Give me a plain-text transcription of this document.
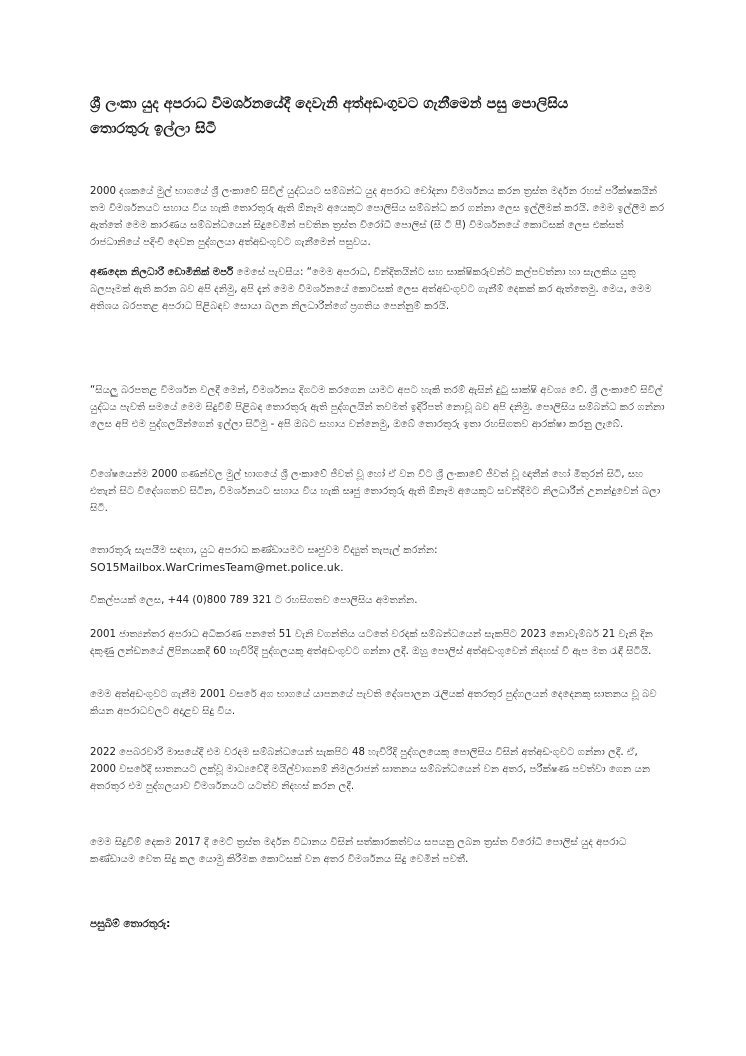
ශ්‍රී ලංකා යුද අපරාධ විමර්ශනයේදී දෙවැනි අත්අඩංගුවට ගැනීමෙන් පසු පොලිසිය
තොරතුරු ඉල්ලා සිටී

2000 දශකයේ මුල් භාගයේ ශ්‍රී ලංකාවේ සිවිල් යුද්ධයට සම්බන්ධ යුද අපරාධ චෝදනා විමර්ශනය කරන ත්‍රස්ත මර්දන රහස් පරීක්ෂකයින් තම විමර්ශනයට සහාය විය හැකි තොරතුරු ඇති ඕනෑම අයෙකුට පොලිසිය සම්බන්ධ කර ගන්නා ලෙස ඉල්ලීමක් කරයි. මෙම ඉල්ලීම කර ඇත්තේ මෙම කාරණය සම්බන්ධයෙන් සිදුවෙමින් පවතින ත්‍රස්ත විරෝධී පොලිස් (සී ටී පී) විමර්ශනයේ කොටසක් ලෙස එක්සත් රාජධානියේ පදිංචි දෙවන පුද්ගලයා අත්අඩංගුවට ගැනීමෙන් පසුවය.

අණදෙන නිලධාරී ඩොමිනික් මර්පි මෙසේ පැවසීය: “මෙම අපරාධ, වින්දිතයින්ට සහ සාක්ෂිකරුවන්ට කල්පවත්නා හා සැලකිය යුතු බලපෑමක් ඇති කරන බව අපි දනිමු, අපි දැන් මෙම විමර්ශනයේ කොටසක් ලෙස අත්අඩංගුවට ගැනීම් දෙකක් කර ඇත්තෙමු. මෙය, මෙම අතිශය බරපතළ අපරාධ පිළිබඳව සොයා බලන නිලධාරීන්ගේ ප්‍රගතිය පෙන්නුම් කරයි.

“සියලු බරපතළ විමර්ශන වලදී මෙන්, විමර්ශනය දිගටම කරගෙන යාමට අපට හැකි තරම් ඇසින් දුටු සාක්ෂි අවශ්‍ය වේ. ශ්‍රී ලංකාවේ සිවිල් යුද්ධය පැවති සමයේ මෙම සිදුවීම් පිළිබඳ තොරතුරු ඇති පුද්ගලයින් තවමත් ඉදිරිපත් නොවූ බව අපි දනිමු. පොලිසිය සම්බන්ධ කර ගන්නා ලෙස අපි එම පුද්ගලයින්ගෙන් ඉල්ලා සිටිමු - අපි ඔබට සහාය වන්නෙමු, ඔබේ තොරතුරු ඉතා රහසිගතව ආරක්ෂා කරනු ලැබේ.

විශේෂයෙන්ම 2000 ගණන්වල මුල් භාගයේ ශ්‍රී ලංකාවේ ජීවත් වූ හෝ ඒ වන විට ශ්‍රී ලංකාවේ ජීවත් වූ ඥාතීන් හෝ මිතුරන් සිටි, සහ එතැන් සිට විදේශගතව සිටින, විමර්ශනයට සහාය විය හැකි සෘජු තොරතුරු ඇති ඕනෑම අයෙකුට සවන්දීමට නිලධාරීන් උනන්දුවෙන් බලා සිටී.

තොරතුරු සැපයීම සඳහා, යුධ අපරාධ කණ්ඩායමට සෘජුවම විද්‍යුත් තැපැල් කරන්න:
SO15Mailbox.WarCrimesTeam@met.police.uk.

විකල්පයක් ලෙස, +44 (0)800 789 321 ට රහසිගතව පොලිසිය අමතන්න.

2001 ජාත්‍යන්තර අපරාධ අධිකරණ පනතේ 51 වැනි වගන්තිය යටතේ වරදක් සම්බන්ධයෙන් සැකපිට 2023 නොවැම්බර් 21 වැනි දින දකුණු ලන්ඩනයේ ලිපිනයකදී 60 හැවිරිදි පුද්ගලයකු අත්අඩංගුවට ගන්නා ලදී. ඔහු පොලිස් අත්අඩංගුවෙන් නිදහස් වී ඇප මත රැඳී සිටියි.

මෙම අත්අඩංගුවට ගැනීම 2001 වසරේ අග භාගයේ යාපනයේ පැවති දේශපාලන රැලියක් අතරතුර පුද්ගලයන් දෙදෙනකු ඝාතනය වූ බව කියන අපරාධවලට අදාළව සිදු විය.

2022 පෙබරවාරි මාසයේදී එම වරදම සම්බන්ධයෙන් සැකපිට 48 හැවිරිදි පුද්ගලයෙකු පොලිසිය විසින් අත්අඩංගුවට ගන්නා ලදී. ඒ, 2000 වසරේදී ඝාතනයට ලක්වූ මාධ්‍යවේදී මයිල්වාගනම් නිමලරාජන් ඝාතනය සම්බන්ධයෙන් වන අතර, පරීක්ෂණ පවත්වා ගෙන යන අතරතුර එම පුද්ගලයාව විමර්ශනයට යටත්ව නිදහස් කරන ලදී.

මෙම සිදුවීම් දෙකම 2017 දී මෙට් ත්‍රස්ත මර්දන විධානය විසින් සත්කාරකත්වය සපයනු ලබන ත්‍රස්ත විරෝධී පොලිස් යුද අපරාධ කණ්ඩායම වෙත සිදු කල යොමු කිරීමක කොටසක් වන අතර විමර්ශනය සිදු වෙමින් පවතී.

පසුබිම් තොරතුරු:
